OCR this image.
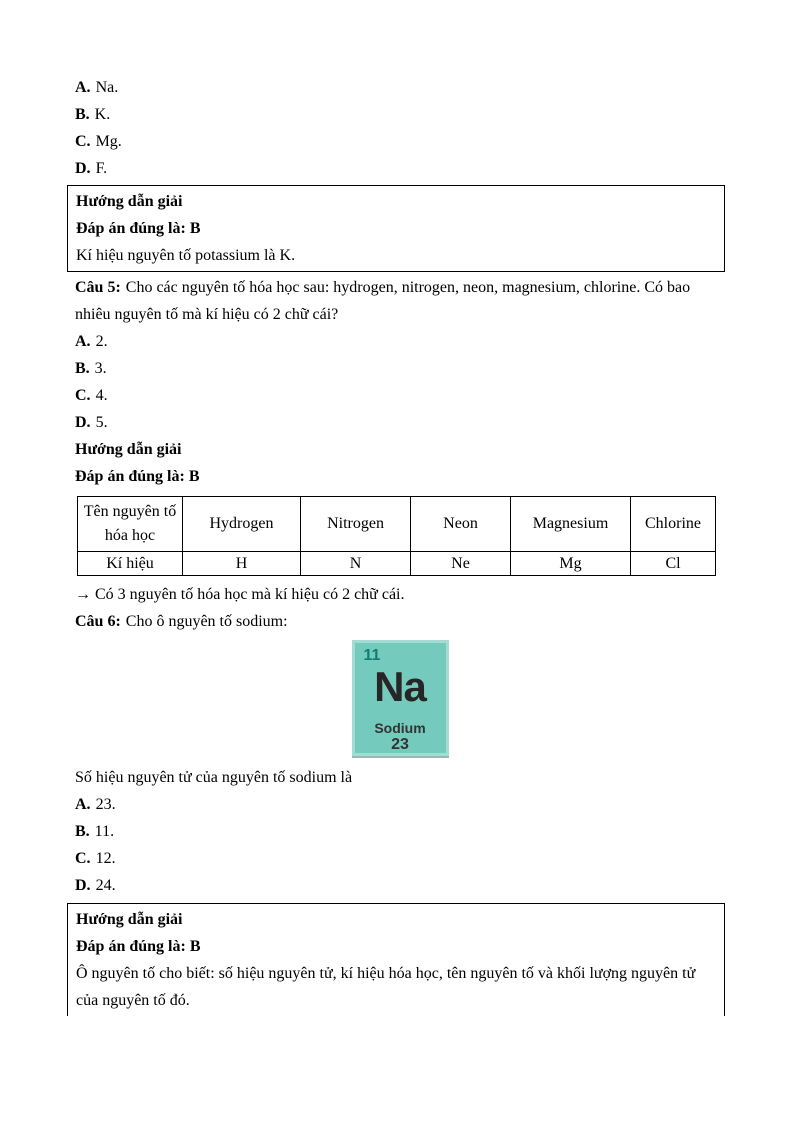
A. Na.

B. K.

C. Mg.

D. F.

Hướng dẫn giải

Đáp án đúng là: B

Kí hiệu nguyên tố potassium là K.

Câu 5: Cho các nguyên tố hóa học sau: hydrogen, nitrogen, neon, magnesium, chlorine. Có bao nhiêu nguyên tố mà kí hiệu có 2 chữ cái?

A. 2.

B. 3.

C. 4.

D. 5.

Hướng dẫn giải

Đáp án đúng là: B

Tên nguyên tố hóa học	Hydrogen	Nitrogen	Neon	Magnesium	Chlorine
Kí hiệu	H	N	Ne	Mg	Cl

→ Có 3 nguyên tố hóa học mà kí hiệu có 2 chữ cái.

Câu 6: Cho ô nguyên tố sodium:

11
Na
Sodium
23

Số hiệu nguyên tử của nguyên tố sodium là

A. 23.

B. 11.

C. 12.

D. 24.

Hướng dẫn giải

Đáp án đúng là: B

Ô nguyên tố cho biết: số hiệu nguyên tử, kí hiệu hóa học, tên nguyên tố và khối lượng nguyên tử của nguyên tố đó.
